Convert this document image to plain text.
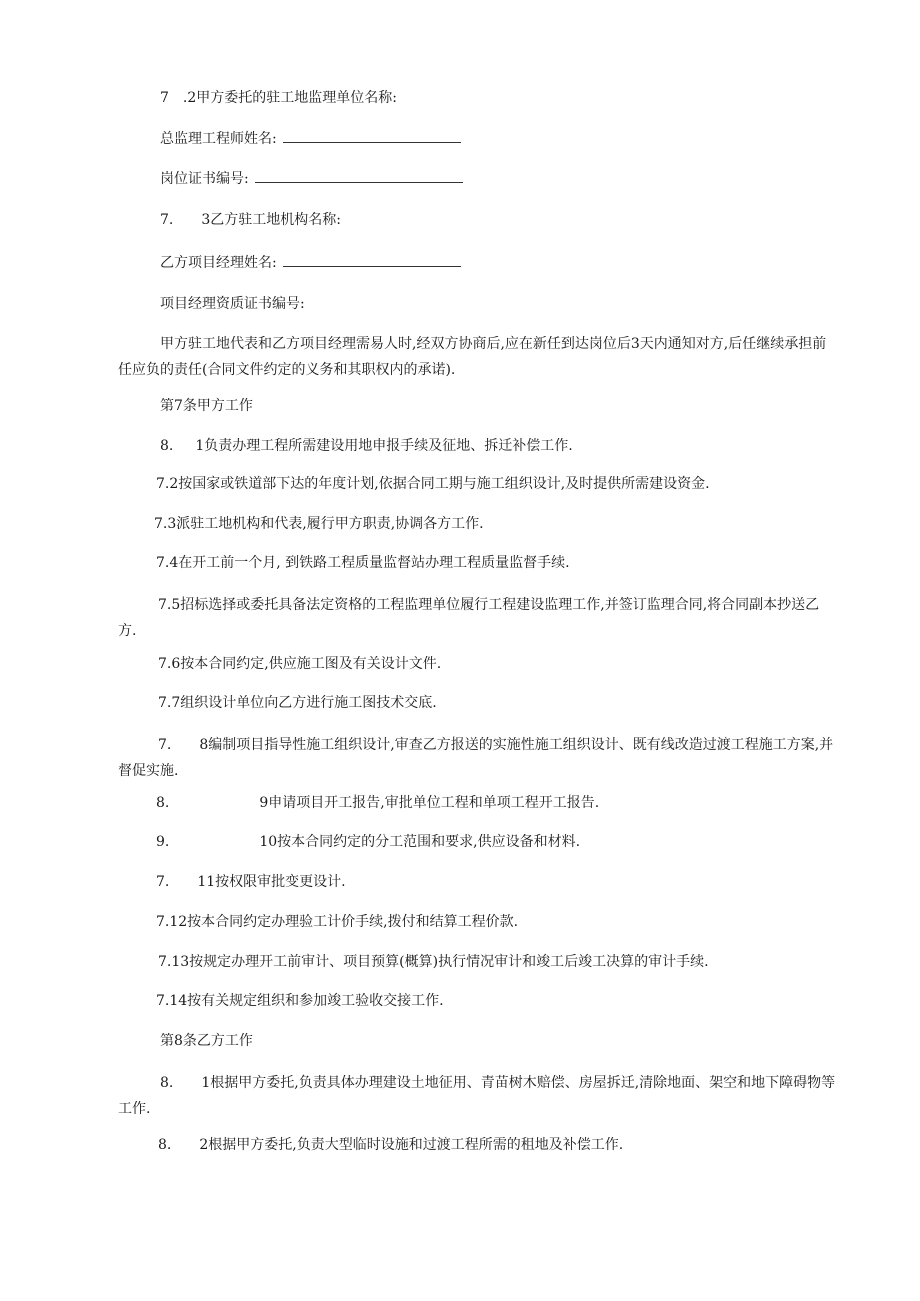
7 .2甲方委托的驻工地监理单位名称:
总监理工程师姓名:
岗位证书编号:
7. 3乙方驻工地机构名称:
乙方项目经理姓名:
项目经理资质证书编号:
甲方驻工地代表和乙方项目经理需易人时,经双方协商后,应在新任到达岗位后3天内通知对方,后任继续承担前任应负的责任(合同文件约定的义务和其职权内的承诺).
第7条甲方工作
8. 1负责办理工程所需建设用地申报手续及征地、拆迁补偿工作.
7.2按国家或铁道部下达的年度计划,依据合同工期与施工组织设计,及时提供所需建设资金.
7.3派驻工地机构和代表,履行甲方职责,协调各方工作.
7.4在开工前一个月, 到铁路工程质量监督站办理工程质量监督手续.
7.5招标选择或委托具备法定资格的工程监理单位履行工程建设监理工作,并签订监理合同,将合同副本抄送乙方.
7.6按本合同约定,供应施工图及有关设计文件.
7.7组织设计单位向乙方进行施工图技术交底.
7. 8编制项目指导性施工组织设计,审查乙方报送的实施性施工组织设计、既有线改造过渡工程施工方案,并督促实施.
8.	9申请项目开工报告,审批单位工程和单项工程开工报告.
9.	10按本合同约定的分工范围和要求,供应设备和材料.
7. 11按权限审批变更设计.
7.12按本合同约定办理验工计价手续,拨付和结算工程价款.
7.13按规定办理开工前审计、项目预算(概算)执行情况审计和竣工后竣工决算的审计手续.
7.14按有关规定组织和参加竣工验收交接工作.
第8条乙方工作
8. 1根据甲方委托,负责具体办理建设土地征用、青苗树木赔偿、房屋拆迁,清除地面、架空和地下障碍物等工作.
8. 2根据甲方委托,负责大型临时设施和过渡工程所需的租地及补偿工作.
